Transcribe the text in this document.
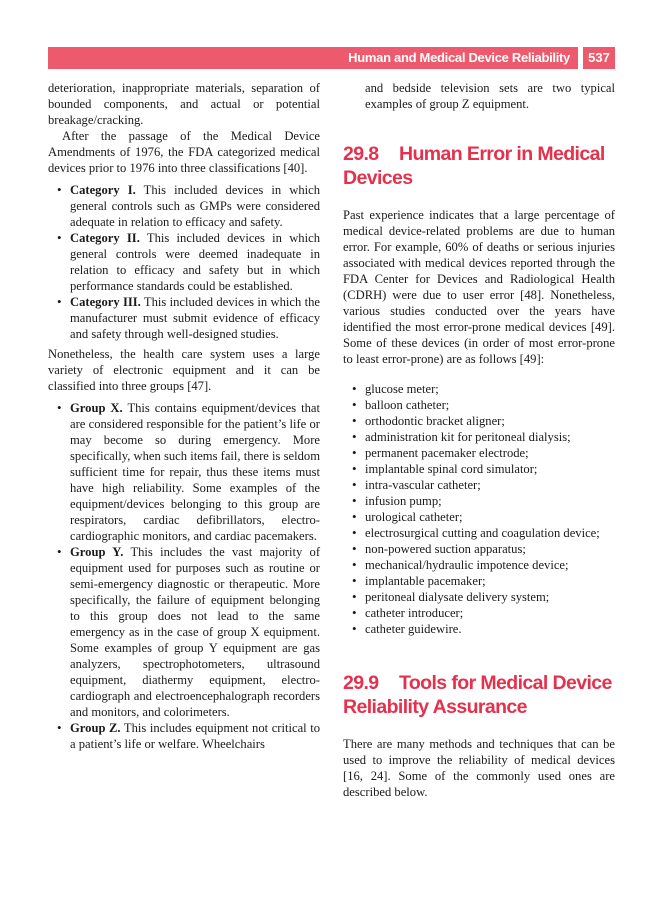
Human and Medical Device Reliability	537

deterioration, inappropriate materials, separation of bounded components, and actual or potential breakage/cracking.

After the passage of the Medical Device Amendments of 1976, the FDA categorized medical devices prior to 1976 into three classifications [40].

• Category I. This included devices in which general controls such as GMPs were considered adequate in relation to efficacy and safety.
• Category II. This included devices in which general controls were deemed inadequate in relation to efficacy and safety but in which performance standards could be established.
• Category III. This included devices in which the manufacturer must submit evidence of efficacy and safety through well-designed studies.

Nonetheless, the health care system uses a large variety of electronic equipment and it can be classified into three groups [47].

• Group X. This contains equipment/devices that are considered responsible for the patient’s life or may become so during emergency. More specifically, when such items fail, there is seldom sufficient time for repair, thus these items must have high reliability. Some examples of the equipment/devices belonging to this group are respirators, cardiac defibrillators, electro-cardiographic monitors, and cardiac pacemakers.
• Group Y. This includes the vast majority of equipment used for purposes such as routine or semi-emergency diagnostic or therapeutic. More specifically, the failure of equipment belonging to this group does not lead to the same emergency as in the case of group X equipment. Some examples of group Y equipment are gas analyzers, spectrophotometers, ultrasound equipment, diathermy equipment, electro-cardiograph and electroencephalograph recorders and monitors, and colorimeters.
• Group Z. This includes equipment not critical to a patient’s life or welfare. Wheelchairs

and bedside television sets are two typical examples of group Z equipment.

29.8 Human Error in Medical Devices

Past experience indicates that a large percentage of medical device-related problems are due to human error. For example, 60% of deaths or serious injuries associated with medical devices reported through the FDA Center for Devices and Radiological Health (CDRH) were due to user error [48]. Nonetheless, various studies conducted over the years have identified the most error-prone medical devices [49]. Some of these devices (in order of most error-prone to least error-prone) are as follows [49]:

• glucose meter;
• balloon catheter;
• orthodontic bracket aligner;
• administration kit for peritoneal dialysis;
• permanent pacemaker electrode;
• implantable spinal cord simulator;
• intra-vascular catheter;
• infusion pump;
• urological catheter;
• electrosurgical cutting and coagulation device;
• non-powered suction apparatus;
• mechanical/hydraulic impotence device;
• implantable pacemaker;
• peritoneal dialysate delivery system;
• catheter introducer;
• catheter guidewire.
29.9 Tools for Medical Device Reliability Assurance

There are many methods and techniques that can be used to improve the reliability of medical devices [16, 24]. Some of the commonly used ones are described below.
